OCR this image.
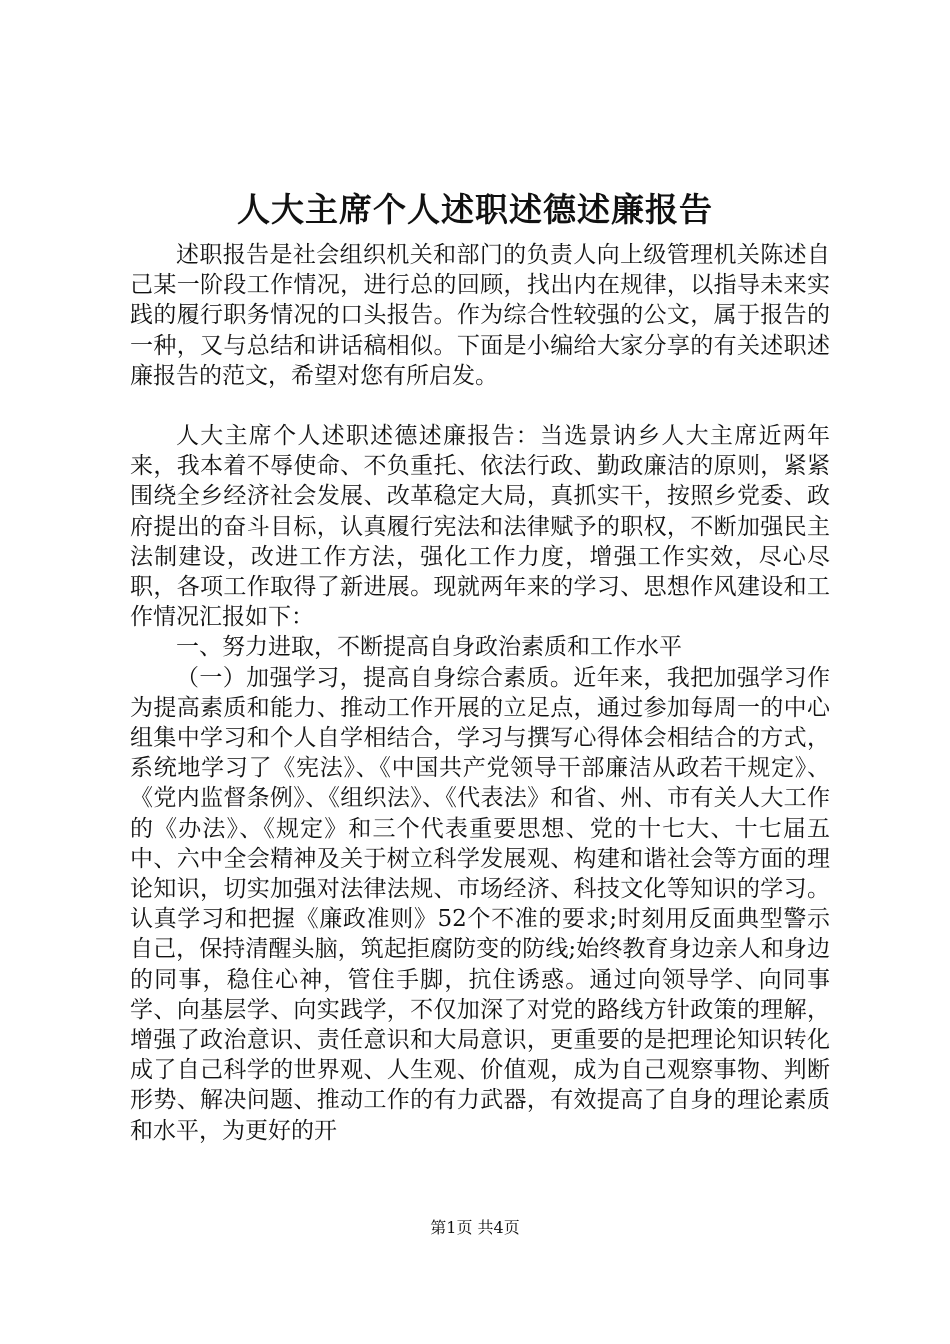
人大主席个人述职述德述廉报告

述职报告是社会组织机关和部门的负责人向上级管理机关陈述自己某一阶段工作情况，进行总的回顾，找出内在规律，以指导未来实践的履行职务情况的口头报告。作为综合性较强的公文，属于报告的一种，又与总结和讲话稿相似。下面是小编给大家分享的有关述职述廉报告的范文，希望对您有所启发。

人大主席个人述职述德述廉报告：当选景讷乡人大主席近两年来，我本着不辱使命、不负重托、依法行政、勤政廉洁的原则，紧紧围绕全乡经济社会发展、改革稳定大局，真抓实干，按照乡党委、政府提出的奋斗目标，认真履行宪法和法律赋予的职权，不断加强民主法制建设，改进工作方法，强化工作力度，增强工作实效，尽心尽职，各项工作取得了新进展。现就两年来的学习、思想作风建设和工作情况汇报如下：

一、努力进取，不断提高自身政治素质和工作水平

（一）加强学习，提高自身综合素质。近年来，我把加强学习作为提高素质和能力、推动工作开展的立足点，通过参加每周一的中心组集中学习和个人自学相结合，学习与撰写心得体会相结合的方式，系统地学习了《宪法》、《中国共产党领导干部廉洁从政若干规定》、《党内监督条例》、《组织法》、《代表法》和省、州、市有关人大工作的《办法》、《规定》和三个代表重要思想、党的十七大、十七届五中、六中全会精神及关于树立科学发展观、构建和谐社会等方面的理论知识，切实加强对法律法规、市场经济、科技文化等知识的学习。认真学习和把握《廉政准则》52个不准的要求;时刻用反面典型警示自己，保持清醒头脑，筑起拒腐防变的防线;始终教育身边亲人和身边的同事，稳住心神，管住手脚，抗住诱惑。通过向领导学、向同事学、向基层学、向实践学，不仅加深了对党的路线方针政策的理解，增强了政治意识、责任意识和大局意识，更重要的是把理论知识转化成了自己科学的世界观、人生观、价值观，成为自己观察事物、判断形势、解决问题、推动工作的有力武器，有效提高了自身的理论素质和水平，为更好的开

第1页 共4页
